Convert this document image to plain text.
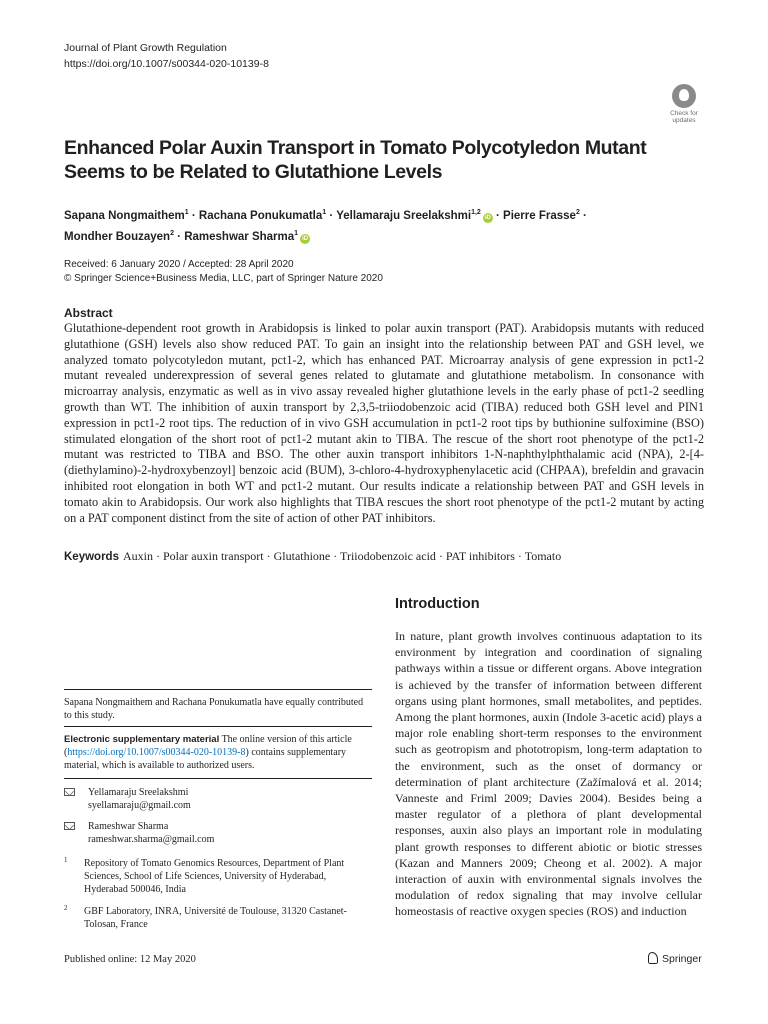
Journal of Plant Growth Regulation
https://doi.org/10.1007/s00344-020-10139-8
Check for updates
Enhanced Polar Auxin Transport in Tomato Polycotyledon Mutant Seems to be Related to Glutathione Levels
Sapana Nongmaithem$^1$ · Rachana Ponukumatla$^1$ · Yellamaraju Sreelakshmi$^{1,2}$iD · Pierre Frasse$^2$ ·
Mondher Bouzayen$^2$ · Rameshwar Sharma$^1$iD
Received: 6 January 2020 / Accepted: 28 April 2020
© Springer Science+Business Media, LLC, part of Springer Nature 2020
Abstract
Glutathione-dependent root growth in Arabidopsis is linked to polar auxin transport (PAT). Arabidopsis mutants with reduced glutathione (GSH) levels also show reduced PAT. To gain an insight into the relationship between PAT and GSH level, we analyzed tomato polycotyledon mutant, pct1-2, which has enhanced PAT. Microarray analysis of gene expression in pct1-2 mutant revealed underexpression of several genes related to glutamate and glutathione metabolism. In consonance with microarray analysis, enzymatic as well as in vivo assay revealed higher glutathione levels in the early phase of pct1-2 seedling growth than WT. The inhibition of auxin transport by 2,3,5-triiodobenzoic acid (TIBA) reduced both GSH level and PIN1 expression in pct1-2 root tips. The reduction of in vivo GSH accumulation in pct1-2 root tips by buthionine sulfoximine (BSO) stimulated elongation of the short root of pct1-2 mutant akin to TIBA. The rescue of the short root phenotype of the pct1-2 mutant was restricted to TIBA and BSO. The other auxin transport inhibitors 1-N-naphthylphthalamic acid (NPA), 2-[4-(diethylamino)-2-hydroxybenzoyl] benzoic acid (BUM), 3-chloro-4-hydroxyphenylacetic acid (CHPAA), brefeldin and gravacin inhibited root elongation in both WT and pct1-2 mutant. Our results indicate a relationship between PAT and GSH levels in tomato akin to Arabidopsis. Our work also highlights that TIBA rescues the short root phenotype of the pct1-2 mutant by acting on a PAT component distinct from the site of action of other PAT inhibitors.
Keywords Auxin · Polar auxin transport · Glutathione · Triiodobenzoic acid · PAT inhibitors · Tomato
Introduction
In nature, plant growth involves continuous adaptation to its environment by integration and coordination of signaling pathways within a tissue or different organs. Above integration is achieved by the transfer of information between different organs using plant hormones, small metabolites, and peptides. Among the plant hormones, auxin (Indole 3-acetic acid) plays a major role enabling short-term responses to the environment such as geotropism and phototropism, long-term adaptation to the environment, such as the onset of dormancy or determination of plant architecture (Zažímalová et al. 2014; Vanneste and Friml 2009; Davies 2004). Besides being a master regulator of a plethora of plant developmental responses, auxin also plays an important role in modulating plant growth responses to different abiotic or biotic stresses (Kazan and Manners 2009; Cheong et al. 2002). A major interaction of auxin with environmental signals involves the modulation of redox signaling that may involve cellular homeostasis of reactive oxygen species (ROS) and induction
Sapana Nongmaithem and Rachana Ponukumatla have equally contributed to this study.
Electronic supplementary material The online version of this article (https://doi.org/10.1007/s00344-020-10139-8) contains supplementary material, which is available to authorized users.
Yellamaraju Sreelakshmi
syellamaraju@gmail.com
Rameshwar Sharma
rameshwar.sharma@gmail.com
1 Repository of Tomato Genomics Resources, Department of Plant Sciences, School of Life Sciences, University of Hyderabad, Hyderabad 500046, India
2 GBF Laboratory, INRA, Université de Toulouse, 31320 Castanet-Tolosan, France
Published online: 12 May 2020	Springer
